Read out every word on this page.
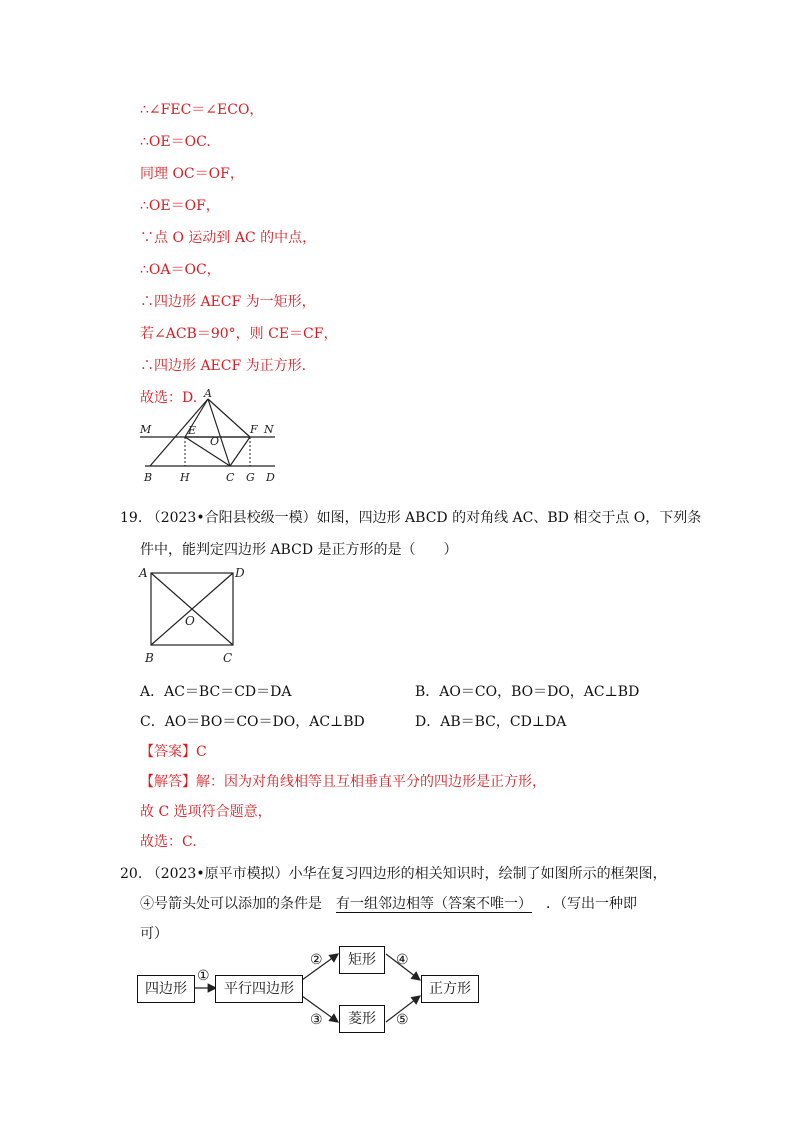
∴∠FEC＝∠ECO，
∴OE＝OC.
同理 OC＝OF，
∴OE＝OF，
∵点 O 运动到 AC 的中点，
∴OA＝OC，
∴四边形 AECF 为一矩形，
若∠ACB＝90°，则 CE＝CF，
∴四边形 AECF 为正方形.
故选：D. A
M	E
O
F N
B	H	C G D
19. （2023•合阳县校级一模）如图，四边形 ABCD 的对角线 AC、BD 相交于点 O，下列条
件中，能判定四边形 ABCD 是正方形的是（　　）
A	D
O
B	C
A．AC＝BC＝CD＝DA	B．AO＝CO，BO＝DO，AC⊥BD
C．AO＝BO＝CO＝DO，AC⊥BD	D．AB＝BC，CD⊥DA
【答案】C
【解答】解：因为对角线相等且互相垂直平分的四边形是正方形，
故 C 选项符合题意，
故选：C.
20. （2023•原平市模拟）小华在复习四边形的相关知识时，绘制了如图所示的框架图，
④号箭头处可以添加的条件是 有一组邻边相等（答案不唯一） ．（写出一种即
可）
四边形	平行四边形
矩形
菱形
正方形
①
②
③
④
⑤
